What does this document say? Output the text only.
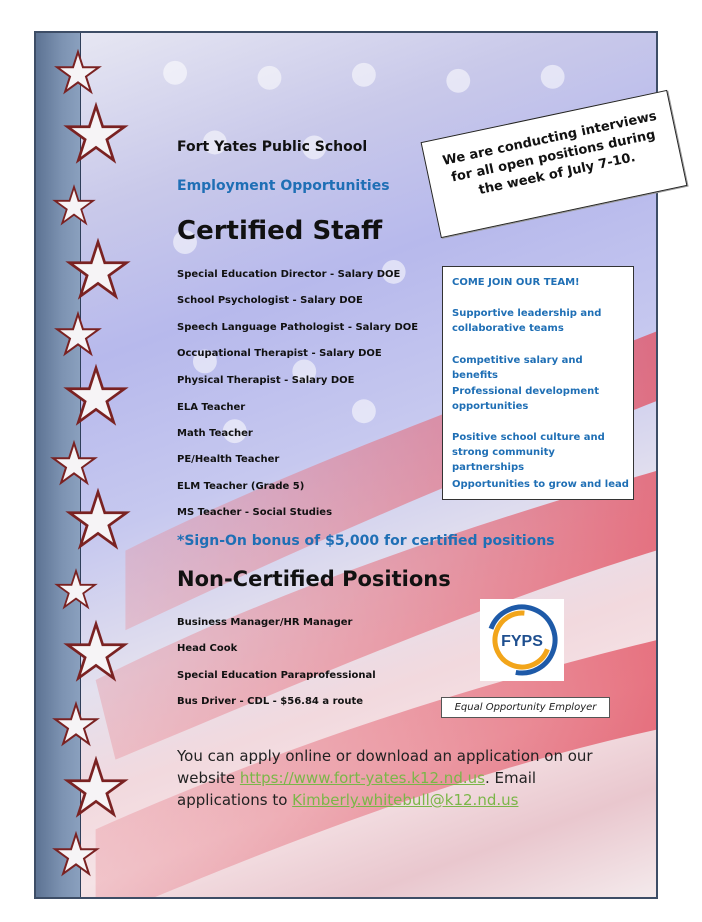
Fort Yates Public School
Employment Opportunities
Certified Staff
We are conducting interviews for all open positions during the week of July 7-10.
Special Education Director - Salary DOE
School Psychologist - Salary DOE
Speech Language Pathologist - Salary DOE
Occupational Therapist - Salary DOE
Physical Therapist - Salary DOE
ELA Teacher
Math Teacher
PE/Health Teacher
ELM Teacher (Grade 5)
MS Teacher - Social Studies
*Sign-On bonus of $5,000 for certified positions
Non-Certified Positions
Business Manager/HR Manager
Head Cook
Special Education Paraprofessional
Bus Driver - CDL - $56.84 a route
COME JOIN OUR TEAM!
Supportive leadership and collaborative teams
Competitive salary and benefits
Professional development opportunities
Positive school culture and strong community partnerships
Opportunities to grow and lead
FYPS
Equal Opportunity Employer
You can apply online or download an application on our website https://www.fort-yates.k12.nd.us. Email applications to Kimberly.whitebull@k12.nd.us
